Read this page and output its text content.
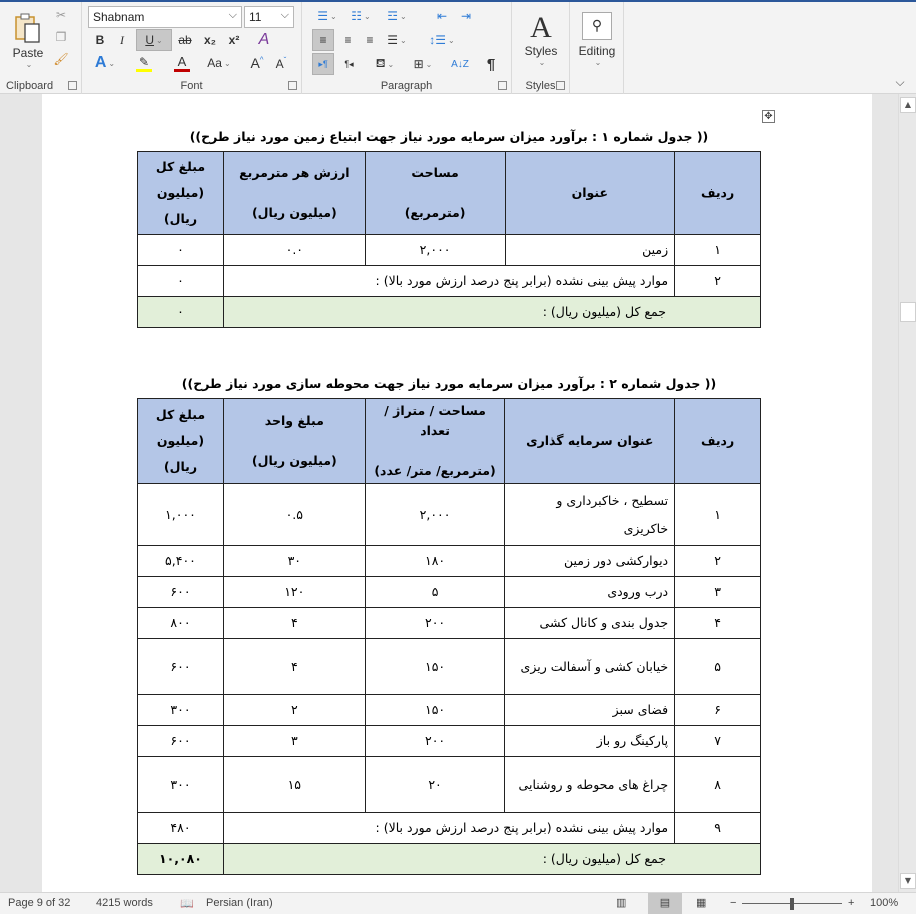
Paste
⌄
✂
❐
🖌
Clipboard
Shabnam	⌵	11 ⌵
B	I	U ⌄	ab	x₂	x² A
A ⌄ ✎ A Aa ⌄ A^ $A^ˇ$
Font
☰ ⌄ ☷ ⌄ ☲ ⌄	⇤ ⇥
≡ ≡ ≡ ☰ ⌄ ↕☰ ⌄
▸¶ ¶◂ ⛾ ⌄ ⊞ ⌄ A↓Z ¶
Paragraph
A
Styles
⌄
Styles
⚲
Editing
⌄
⌵
✥
(( جدول شماره ۱ : برآورد میزان سرمایه مورد نیاز جهت ابتیاع زمین مورد نیاز طرح))
ردیف	عنوان	
مساحت
(مترمربع)

ارزش هر مترمربع
(میلیون ریال)

مبلغ کل
(میلیون
ریال)

۱	زمین	۲,۰۰۰	۰.۰	۰
۲	موارد پیش بینی نشده (برابر پنج درصد ارزش مورد بالا) :			۰
جمع کل (میلیون ریال) :				۰
(( جدول شماره ۲ : برآورد میزان سرمایه مورد نیاز جهت محوطه سازی مورد نیاز طرح))
ردیف	عنوان سرمایه گذاری	
مساحت / متراژ / تعداد
(مترمربع/ متر/ عدد)

مبلغ واحد
(میلیون ریال)

مبلغ کل
(میلیون
ریال)

۱	تسطیح ، خاکبرداری و خاکریزی	۲,۰۰۰	۰.۵	۱,۰۰۰
۲	دیوارکشی دور زمین	۱۸۰	۳۰	۵,۴۰۰
۳	درب ورودی	۵	۱۲۰	۶۰۰
۴	جدول بندی و کانال کشی	۲۰۰	۴	۸۰۰
۵	خیابان کشی و آسفالت ریزی	۱۵۰	۴	۶۰۰
۶	فضای سبز	۱۵۰	۲	۳۰۰
۷	پارکینگ رو باز	۲۰۰	۳	۶۰۰
۸	چراغ های محوطه و روشنایی	۲۰	۱۵	۳۰۰
۹	موارد پیش بینی نشده (برابر پنج درصد ارزش مورد بالا) :			۴۸۰
جمع کل (میلیون ریال) :				۱۰,۰۸۰
▲
▼
Page 9 of 32 4215 words 📖 Persian (Iran)	▥	▤	▦ −	+ 100%
